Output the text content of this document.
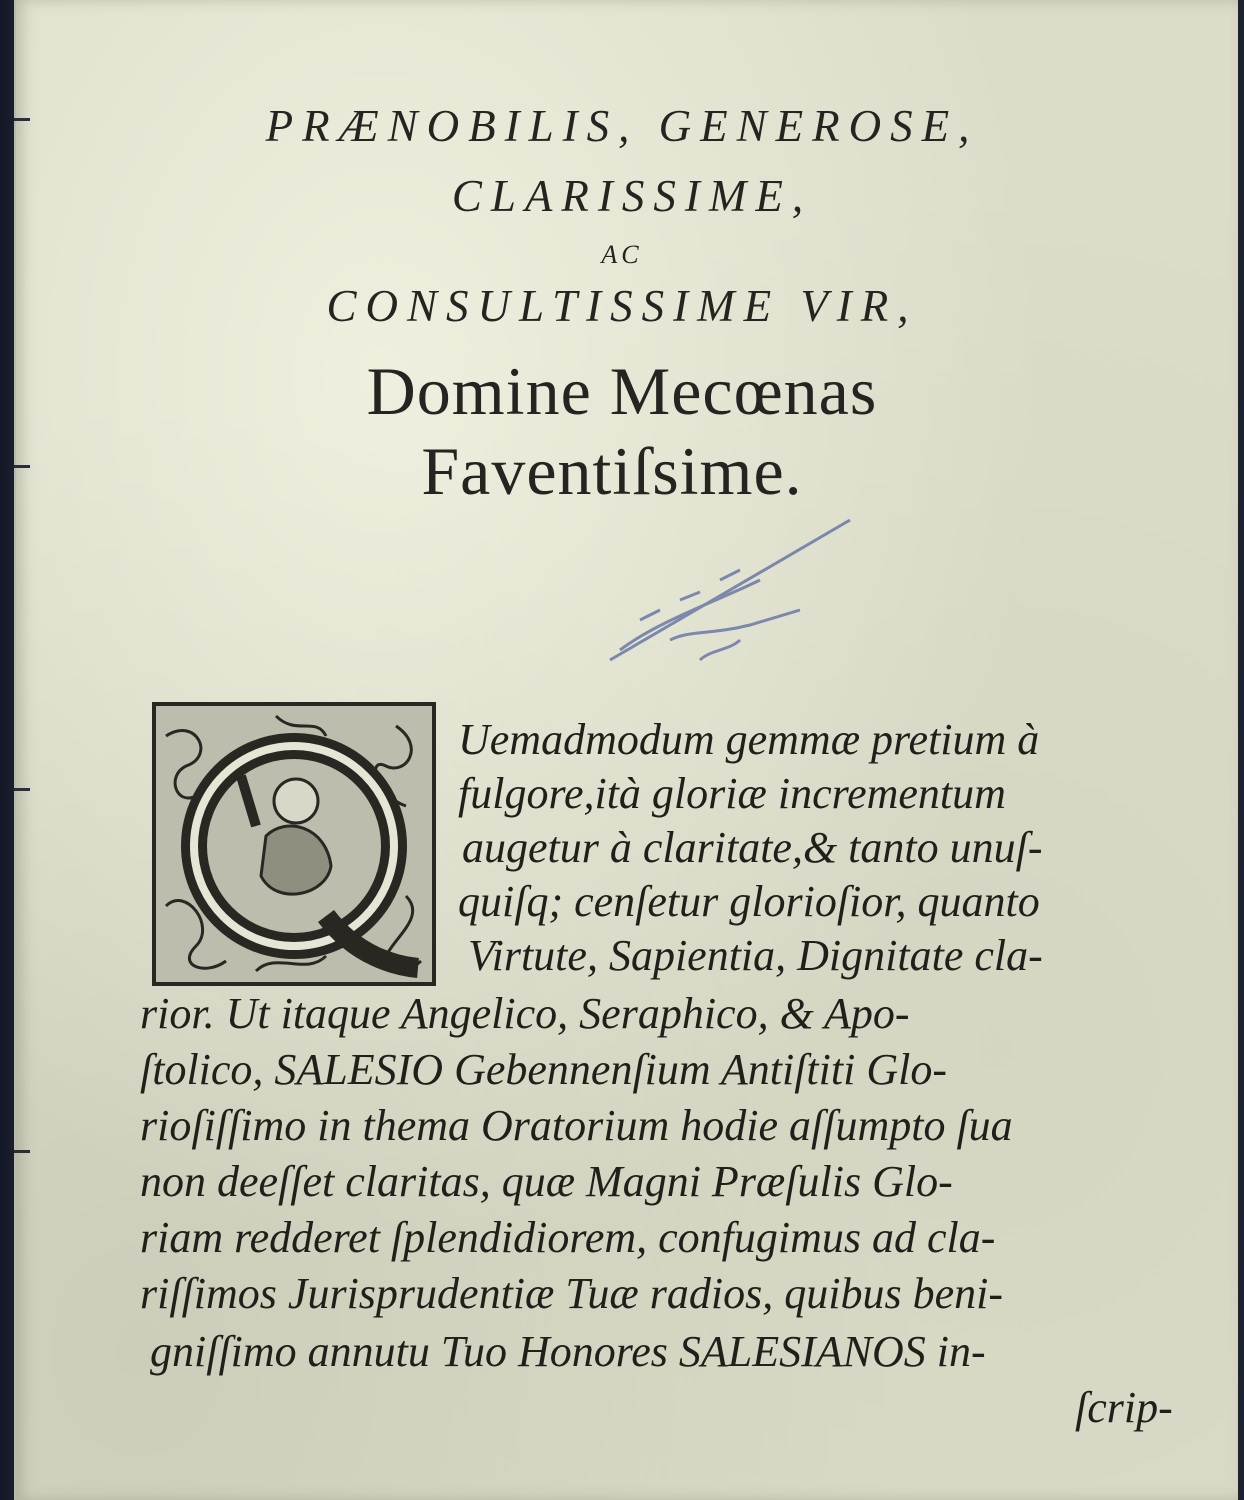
PRÆNOBILIS, GENEROSE,
CLARISSIME,
AC
CONSULTISSIME VIR,
Domine Mecœnas
Faventiſsime.
Uemadmodum gemmæ pretium à
fulgore,ità gloriæ incrementum
augetur à claritate,& tanto unuſ-
quiſq; cenſetur glorioſior, quanto
Virtute, Sapientia, Dignitate cla-
rior. Ut itaque Angelico, Seraphico, & Apo-
ſtolico, SALESIO Gebennenſium Antiſtiti Glo-
rioſiſſimo in thema Oratorium hodie aſſumpto ſua
non deeſſet claritas, quæ Magni Præſulis Glo-
riam redderet ſplendidiorem, confugimus ad cla-
riſſimos Jurisprudentiæ Tuæ radios, quibus beni-
gniſſimo annutu Tuo Honores SALESIANOS in-
ſcrip-
